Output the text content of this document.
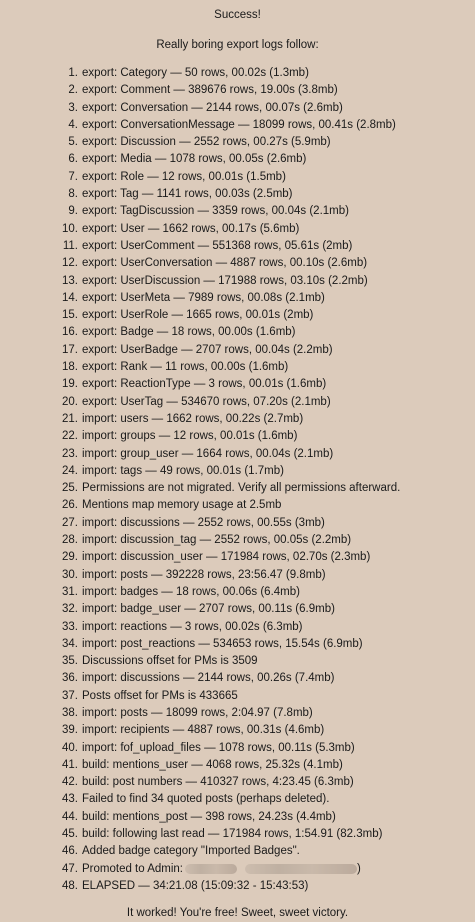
Success!
Really boring export logs follow:
1. export: Category — 50 rows, 00.02s (1.3mb)
2. export: Comment — 389676 rows, 19.00s (3.8mb)
3. export: Conversation — 2144 rows, 00.07s (2.6mb)
4. export: ConversationMessage — 18099 rows, 00.41s (2.8mb)
5. export: Discussion — 2552 rows, 00.27s (5.9mb)
6. export: Media — 1078 rows, 00.05s (2.6mb)
7. export: Role — 12 rows, 00.01s (1.5mb)
8. export: Tag — 1141 rows, 00.03s (2.5mb)
9. export: TagDiscussion — 3359 rows, 00.04s (2.1mb)
10. export: User — 1662 rows, 00.17s (5.6mb)
11. export: UserComment — 551368 rows, 05.61s (2mb)
12. export: UserConversation — 4887 rows, 00.10s (2.6mb)
13. export: UserDiscussion — 171988 rows, 03.10s (2.2mb)
14. export: UserMeta — 7989 rows, 00.08s (2.1mb)
15. export: UserRole — 1665 rows, 00.01s (2mb)
16. export: Badge — 18 rows, 00.00s (1.6mb)
17. export: UserBadge — 2707 rows, 00.04s (2.2mb)
18. export: Rank — 11 rows, 00.00s (1.6mb)
19. export: ReactionType — 3 rows, 00.01s (1.6mb)
20. export: UserTag — 534670 rows, 07.20s (2.1mb)
21. import: users — 1662 rows, 00.22s (2.7mb)
22. import: groups — 12 rows, 00.01s (1.6mb)
23. import: group_user — 1664 rows, 00.04s (2.1mb)
24. import: tags — 49 rows, 00.01s (1.7mb)
25. Permissions are not migrated. Verify all permissions afterward.
26. Mentions map memory usage at 2.5mb
27. import: discussions — 2552 rows, 00.55s (3mb)
28. import: discussion_tag — 2552 rows, 00.05s (2.2mb)
29. import: discussion_user — 171984 rows, 02.70s (2.3mb)
30. import: posts — 392228 rows, 23:56.47 (9.8mb)
31. import: badges — 18 rows, 00.06s (6.4mb)
32. import: badge_user — 2707 rows, 00.11s (6.9mb)
33. import: reactions — 3 rows, 00.02s (6.3mb)
34. import: post_reactions — 534653 rows, 15.54s (6.9mb)
35. Discussions offset for PMs is 3509
36. import: discussions — 2144 rows, 00.26s (7.4mb)
37. Posts offset for PMs is 433665
38. import: posts — 18099 rows, 2:04.97 (7.8mb)
39. import: recipients — 4887 rows, 00.31s (4.6mb)
40. import: fof_upload_files — 1078 rows, 00.11s (5.3mb)
41. build: mentions_user — 4068 rows, 25.32s (4.1mb)
42. build: post numbers — 410327 rows, 4:23.45 (6.3mb)
43. Failed to find 34 quoted posts (perhaps deleted).
44. build: mentions_post — 398 rows, 24.23s (4.4mb)
45. build: following last read — 171984 rows, 1:54.91 (82.3mb)
46. Added badge category "Imported Badges".
47. Promoted to Admin:	)
48. ELAPSED — 34:21.08 (15:09:32 - 15:43:53)
It worked! You're free! Sweet, sweet victory.
